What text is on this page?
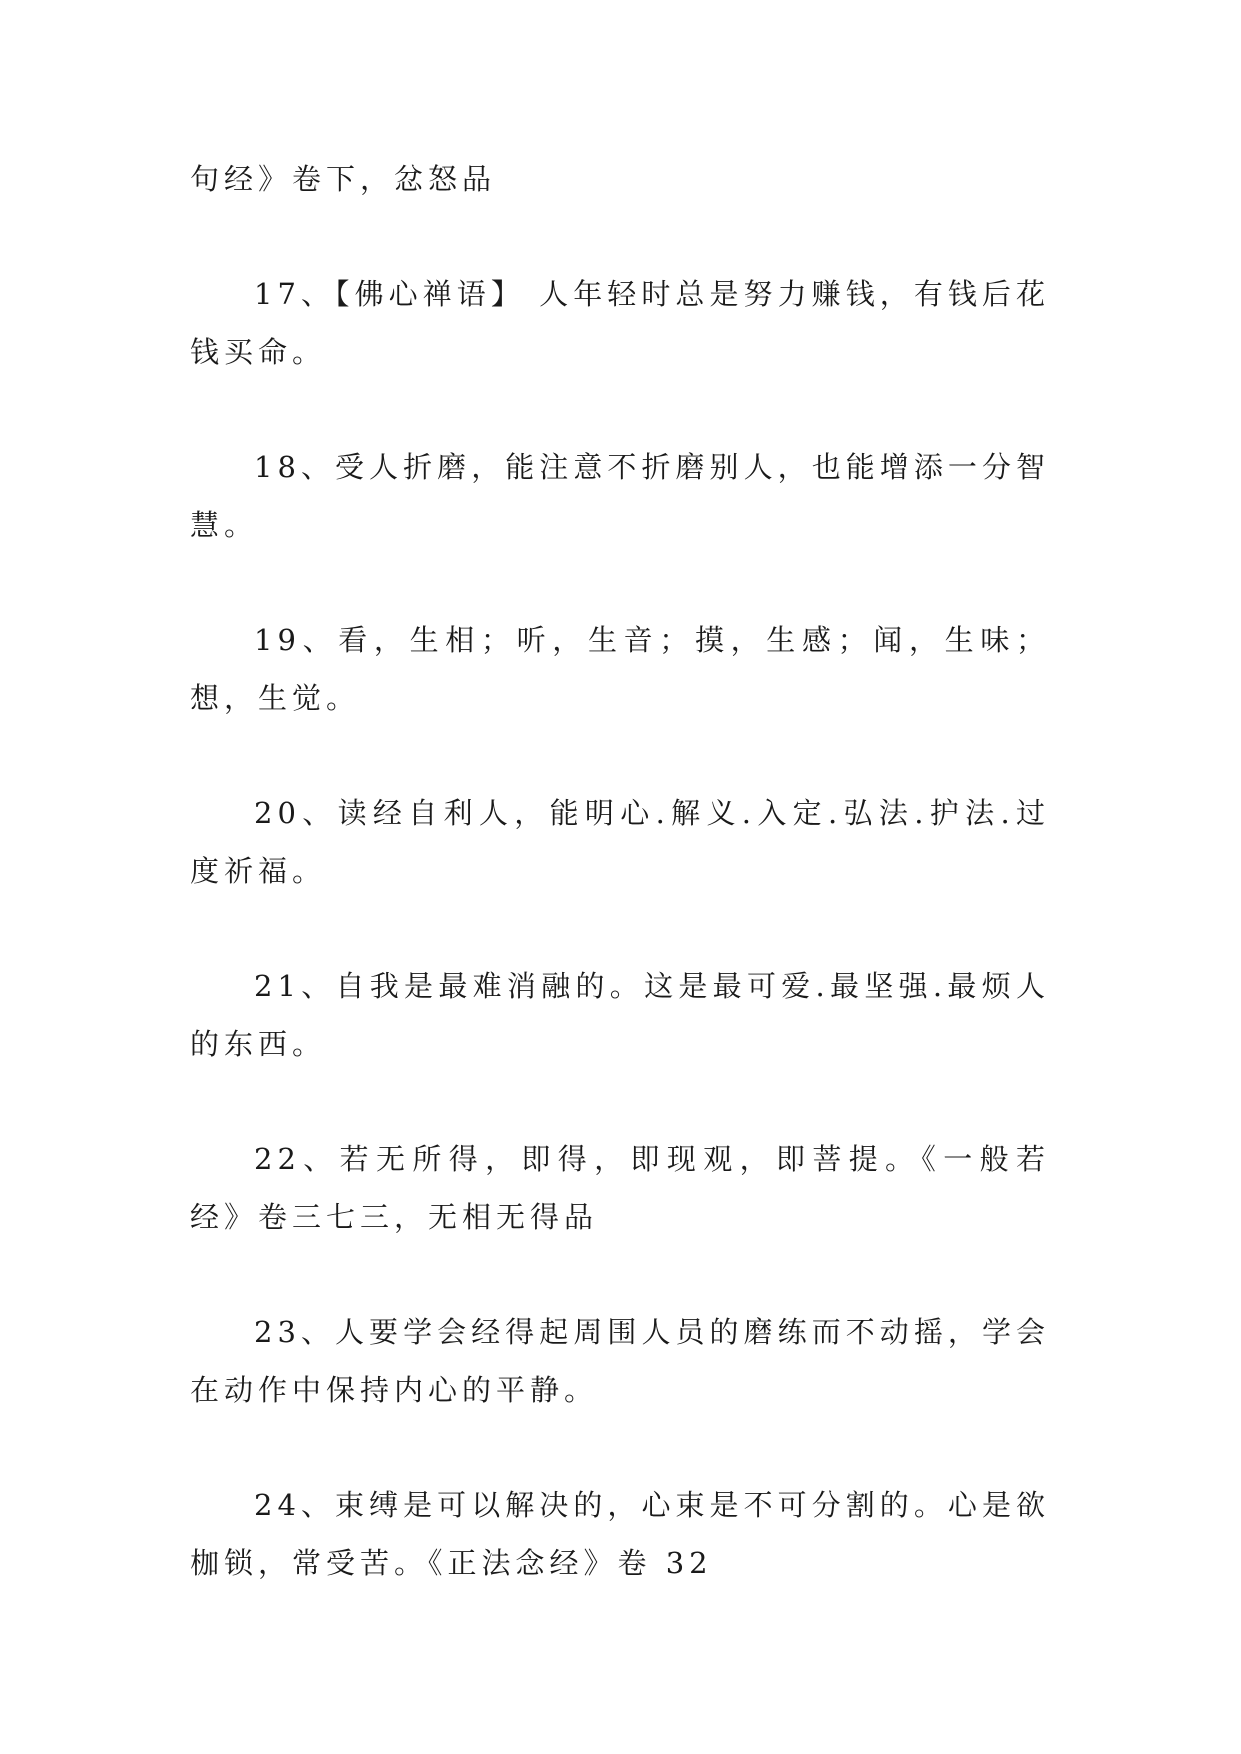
句经》卷下，忿怒品

17、【佛心禅语】 人年轻时总是努力赚钱，有钱后花钱买命。

18、受人折磨，能注意不折磨别人，也能增添一分智慧。

19、看，生相；听，生音；摸，生感；闻，生味；想，生觉。

20、读经自利人，能明心.解义.入定.弘法.护法.过度祈福。

21、自我是最难消融的。这是最可爱.最坚强.最烦人的东西。

22、若无所得，即得，即现观，即菩提。《一般若经》卷三七三，无相无得品

23、人要学会经得起周围人员的磨练而不动摇，学会在动作中保持内心的平静。

24、束缚是可以解决的，心束是不可分割的。心是欲枷锁，常受苦。《正法念经》卷 32
